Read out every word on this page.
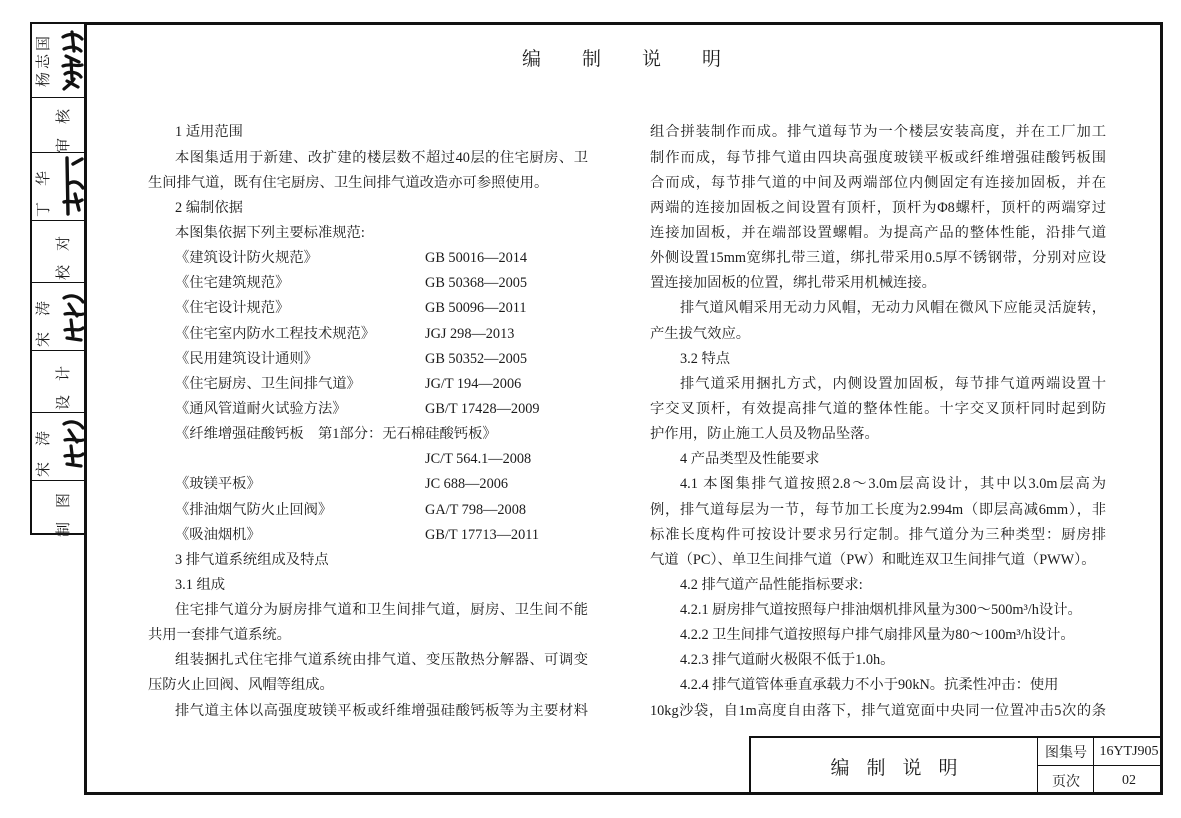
杨志国
审核
丁华
校对
宋涛
设计
宋涛
制图
编制说明
1 适用范围
本图集适用于新建、改扩建的楼层数不超过40层的住宅厨房、卫
生间排气道，既有住宅厨房、卫生间排气道改造亦可参照使用。
2 编制依据
本图集依据下列主要标准规范:
《建筑设计防火规范》	GB 50016—2014
《住宅建筑规范》	GB 50368—2005
《住宅设计规范》	GB 50096—2011
《住宅室内防水工程技术规范》	JGJ 298—2013
《民用建筑设计通则》	GB 50352—2005
《住宅厨房、卫生间排气道》	JG/T 194—2006
《通风管道耐火试验方法》	GB/T 17428—2009
《纤维增强硅酸钙板　第1部分：无石棉硅酸钙板》
JC/T 564.1—2008
《玻镁平板》	JC 688—2006
《排油烟气防火止回阀》	GA/T 798—2008
《吸油烟机》	GB/T 17713—2011
3 排气道系统组成及特点
3.1 组成
住宅排气道分为厨房排气道和卫生间排气道，厨房、卫生间不能
共用一套排气道系统。
组装捆扎式住宅排气道系统由排气道、变压散热分解器、可调变
压防火止回阀、风帽等组成。
排气道主体以高强度玻镁平板或纤维增强硅酸钙板等为主要材料
组合拼装制作而成。排气道每节为一个楼层安装高度，并在工厂加工
制作而成，每节排气道由四块高强度玻镁平板或纤维增强硅酸钙板围
合而成，每节排气道的中间及两端部位内侧固定有连接加固板，并在
两端的连接加固板之间设置有顶杆，顶杆为Φ8螺杆，顶杆的两端穿过
连接加固板，并在端部设置螺帽。为提高产品的整体性能，沿排气道
外侧设置15mm宽绑扎带三道，绑扎带采用0.5厚不锈钢带，分别对应设
置连接加固板的位置，绑扎带采用机械连接。
排气道风帽采用无动力风帽，无动力风帽在微风下应能灵活旋转，
产生拔气效应。
3.2 特点
排气道采用捆扎方式，内侧设置加固板，每节排气道两端设置十
字交叉顶杆，有效提高排气道的整体性能。十字交叉顶杆同时起到防
护作用，防止施工人员及物品坠落。
4 产品类型及性能要求
4.1 本图集排气道按照2.8～3.0m层高设计，其中以3.0m层高为
例，排气道每层为一节，每节加工长度为2.994m（即层高减6mm），非
标准长度构件可按设计要求另行定制。排气道分为三种类型：厨房排
气道（PC）、单卫生间排气道（PW）和毗连双卫生间排气道（PWW）。
4.2 排气道产品性能指标要求:
4.2.1 厨房排气道按照每户排油烟机排风量为300～500m³/h设计。
4.2.2 卫生间排气道按照每户排气扇排风量为80～100m³/h设计。
4.2.3 排气道耐火极限不低于1.0h。
4.2.4 排气道管体垂直承载力不小于90kN。抗柔性冲击：使用
10kg沙袋，自1m高度自由落下，排气道宽面中央同一位置冲击5次的条
编制说明
图集号 16YTJ905
页次	02
